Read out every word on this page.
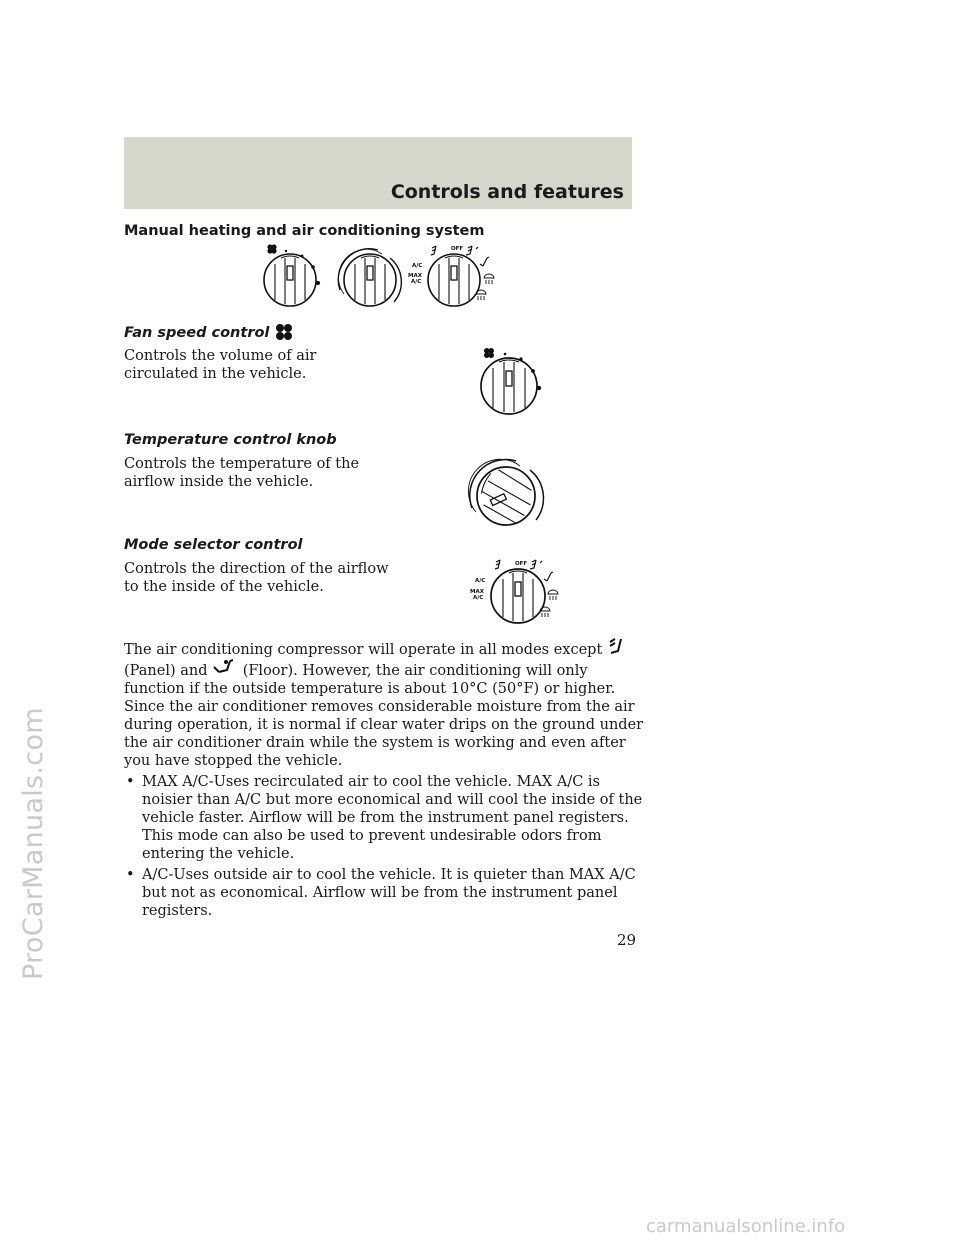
Controls and features
Manual heating and air conditioning system
OFF
A/C
MAX
A/C
Fan speed control
Controls the volume of air circulated in the vehicle.
Temperature control knob
Controls the temperature of the airflow inside the vehicle.
Mode selector control
Controls the direction of the airflow to the inside of the vehicle.
OFF
A/C
MAX
A/C
The air conditioning compressor will operate in all modes except  (Panel) and (Floor). However, the air conditioning will only function if the outside temperature is about 10°C (50°F) or higher.
Since the air conditioner removes considerable moisture from the air during operation, it is normal if clear water drips on the ground under the air conditioner drain while the system is working and even after you have stopped the vehicle.
• MAX A/C-Uses recirculated air to cool the vehicle. MAX A/C is noisier than A/C but more economical and will cool the inside of the vehicle faster. Airflow will be from the instrument panel registers. This mode can also be used to prevent undesirable odors from entering the vehicle.
• A/C-Uses outside air to cool the vehicle. It is quieter than MAX A/C but not as economical. Airflow will be from the instrument panel registers.
29
ProCarManuals.com
carmanualsonline.info
